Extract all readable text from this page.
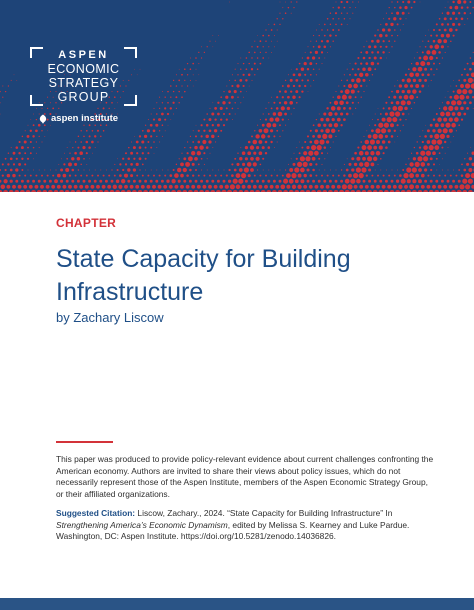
ASPEN
ECONOMIC
STRATEGY
GROUP
aspen institute
CHAPTER
State Capacity for Building Infrastructure
by Zachary Liscow

This paper was produced to provide policy-relevant evidence about current challenges confronting the American economy. Authors are invited to share their views about policy issues, which do not necessarily represent those of the Aspen Institute, members of the Aspen Economic Strategy Group, or their affiliated organizations.

Suggested Citation: Liscow, Zachary., 2024. “State Capacity for Building Infrastructure” In Strengthening America’s Economic Dynamism, edited by Melissa S. Kearney and Luke Pardue. Washington, DC: Aspen Institute. https://doi.org/10.5281/zenodo.14036826.
